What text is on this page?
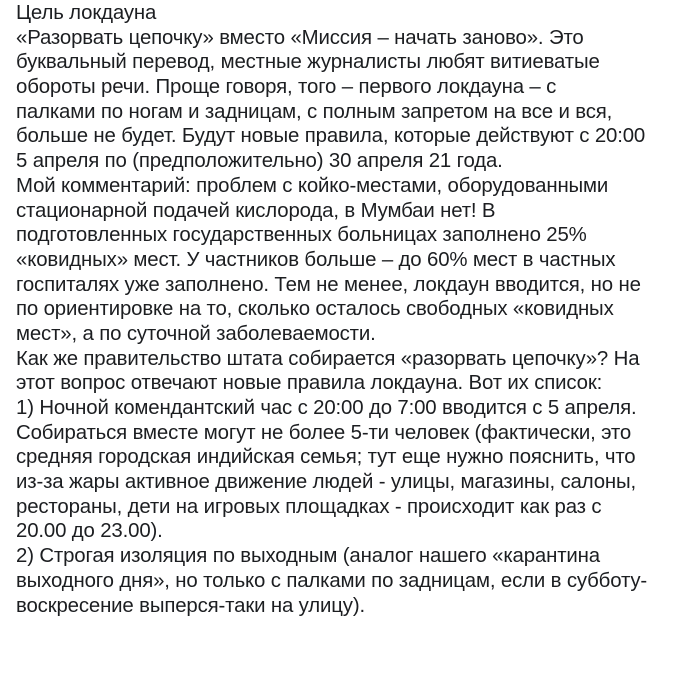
Цель локдауна
«Разорвать цепочку» вместо «Миссия – начать заново». Это
буквальный перевод, местные журналисты любят витиеватые
обороты речи. Проще говоря, того – первого локдауна – с
палками по ногам и задницам, с полным запретом на все и вся,
больше не будет. Будут новые правила, которые действуют с 20:00
5 апреля по (предположительно) 30 апреля 21 года.
Мой комментарий: проблем с койко-местами, оборудованными
стационарной подачей кислорода, в Мумбаи нет! В
подготовленных государственных больницах заполнено 25%
«ковидных» мест. У частников больше – до 60% мест в частных
госпиталях уже заполнено. Тем не менее, локдаун вводится, но не
по ориентировке на то, сколько осталось свободных «ковидных
мест», а по суточной заболеваемости.
Как же правительство штата собирается «разорвать цепочку»? На
этот вопрос отвечают новые правила локдауна. Вот их список:
1) Ночной комендантский час с 20:00 до 7:00 вводится с 5 апреля.
Собираться вместе могут не более 5-ти человек (фактически, это
средняя городская индийская семья; тут еще нужно пояснить, что
из-за жары активное движение людей - улицы, магазины, салоны,
рестораны, дети на игровых площадках - происходит как раз с
20.00 до 23.00).
2) Строгая изоляция по выходным (аналог нашего «карантина
выходного дня», но только с палками по задницам, если в субботу-
воскресение выперся-таки на улицу).
